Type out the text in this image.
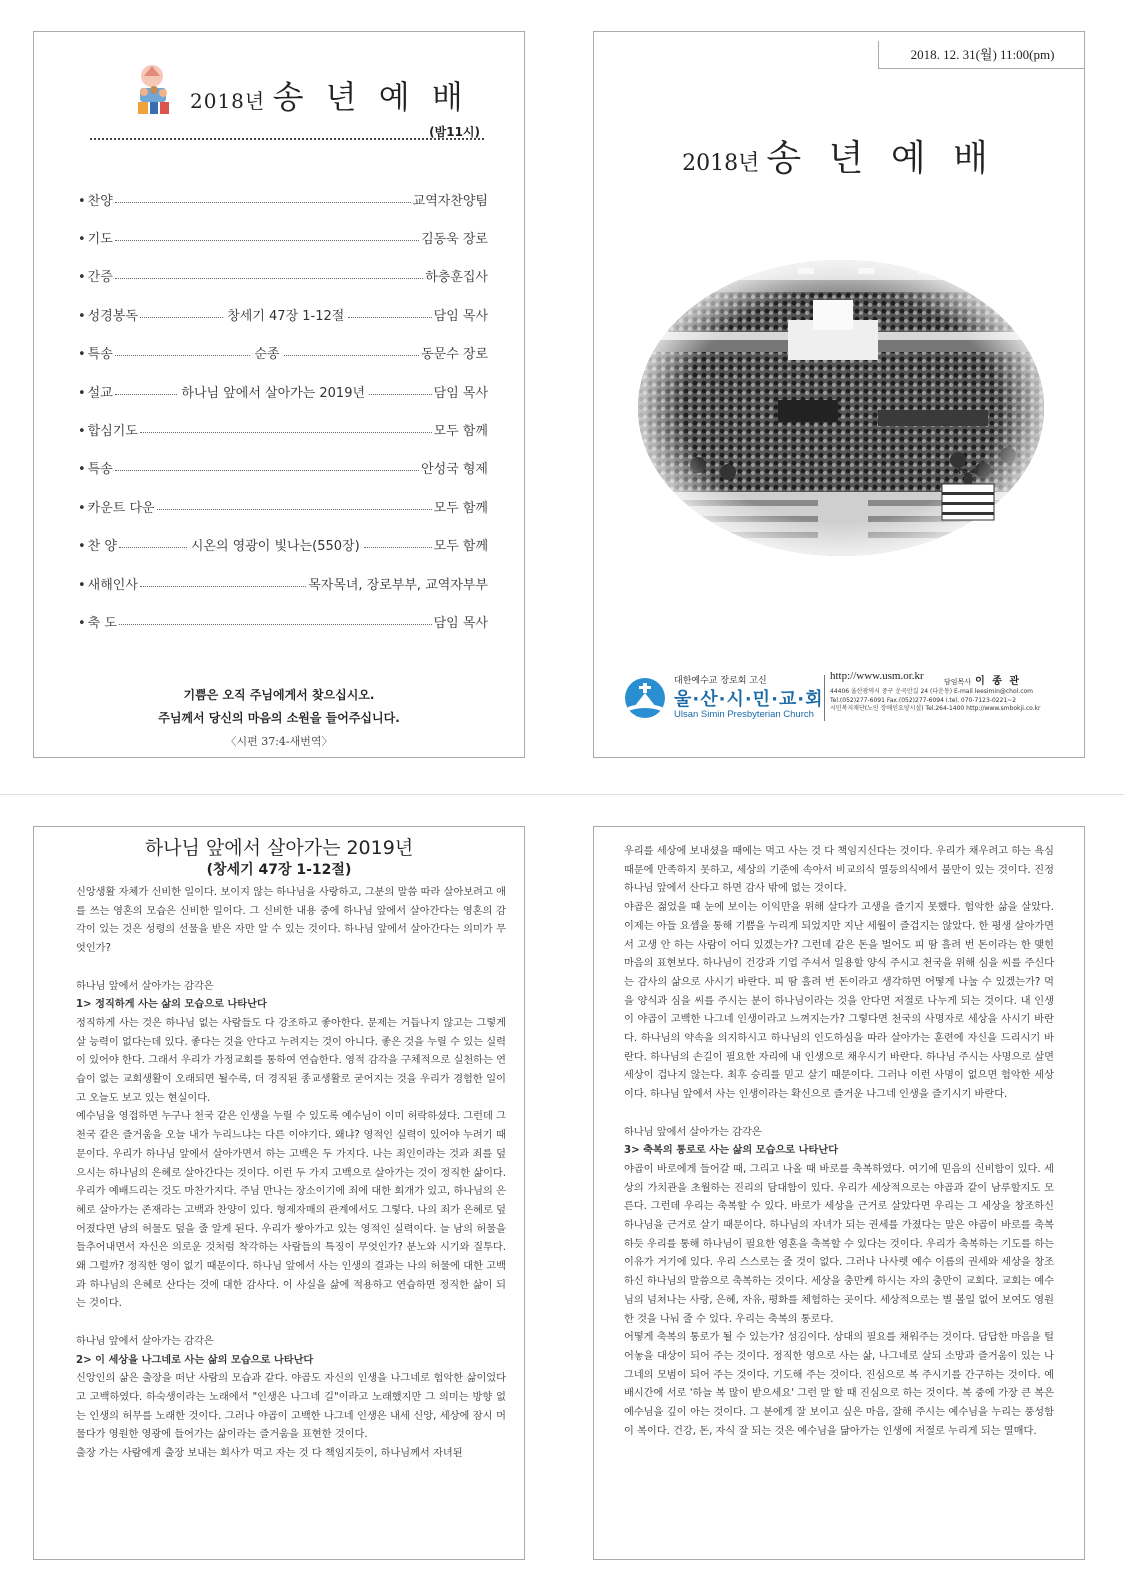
2018년 송 년 예 배
(밤11시)
• 찬양	교역자찬양팀
• 기도	김동욱 장로
• 간증	하충훈집사
• 성경봉독	창세기 47장 1-12절	담임 목사
• 특송	순종	동문수 장로
• 설교	하나님 앞에서 살아가는 2019년	담임 목사
• 합심기도	모두 함께
• 특송	안성국 형제
• 카운트 다운	모두 함께
• 찬 양	시온의 영광이 빛나는(550장)	모두 함께
• 새해인사	목자목녀, 장로부부, 교역자부부
• 축 도	담임 목사
기쁨은 오직 주님에게서 찾으십시오.
주님께서 당신의 마음의 소원을 들어주십니다.
〈시편 37:4-새번역〉
2018. 12. 31(월) 11:00(pm)
2018년 송 년 예 배
대한예수교 장로회 고신
울·산·시·민·교·회
Ulsan Simin Presbyterian Church
http://www.usm.or.kr	담임목사 이 종 관
44406 울산광역시 중구 운곡안길 24 (다운동) E-mail leesimin@chol.com
Tel.(052)277-6091 Fax.(052)277-6094 i.tel. 070-7123-0221~2
시민복지재단(노인 장애인요양시설) Tel.264-1400 http://www.smbokji.co.kr
하나님 앞에서 살아가는 2019년
(창세기 47장 1-12절)

신앙생활 자체가 신비한 일이다. 보이지 않는 하나님을 사랑하고, 그분의 말씀 따라 살아보려고 애를 쓰는 영혼의 모습은 신비한 일이다. 그 신비한 내용 중에 하나님 앞에서 살아간다는 영혼의 감각이 있는 것은 성령의 선물을 받은 자만 알 수 있는 것이다. 하나님 앞에서 살아간다는 의미가 무엇인가?

하나님 앞에서 살아가는 감각은

1> 정직하게 사는 삶의 모습으로 나타난다

정직하게 사는 것은 하나님 없는 사람들도 다 강조하고 좋아한다. 문제는 거듭나지 않고는 그렇게 살 능력이 없다는데 있다. 좋다는 것을 안다고 누려지는 것이 아니다. 좋은 것을 누릴 수 있는 실력이 있어야 한다. 그래서 우리가 가정교회를 통하여 연습한다. 영적 감각을 구체적으로 실천하는 연습이 없는 교회생활이 오래되면 될수록, 더 경직된 종교생활로 굳어지는 것을 우리가 경험한 일이고 오늘도 보고 있는 현실이다.

예수님을 영접하면 누구나 천국 같은 인생을 누릴 수 있도록 예수님이 이미 허락하셨다. 그런데 그 천국 같은 즐거움을 오늘 내가 누리느냐는 다른 이야기다. 왜냐? 영적인 실력이 있어야 누려기 때문이다. 우리가 하나님 앞에서 살아가면서 하는 고백은 두 가지다. 나는 죄인이라는 것과 죄를 덮으시는 하나님의 은혜로 살아간다는 것이다. 이런 두 가지 고백으로 살아가는 것이 정직한 삶이다. 우리가 예배드리는 것도 마찬가지다. 주님 만나는 장소이기에 죄에 대한 회개가 있고, 하나님의 은혜로 살아가는 존재라는 고백과 찬양이 있다. 형제자매의 관계에서도 그렇다. 나의 죄가 은혜로 덮어졌다면 남의 허물도 덮을 줄 알게 된다. 우리가 쌓아가고 있는 영적인 실력이다. 늘 남의 허물을 들추어내면서 자신은 의로운 것처럼 착각하는 사람들의 특징이 무엇인가? 분노와 시기와 질투다. 왜 그럴까? 정직한 영이 없기 때문이다. 하나님 앞에서 사는 인생의 결과는 나의 허물에 대한 고백과 하나님의 은혜로 산다는 것에 대한 감사다. 이 사실을 삶에 적용하고 연습하면 정직한 삶이 되는 것이다.

하나님 앞에서 살아가는 감각은

2> 이 세상을 나그네로 사는 삶의 모습으로 나타난다

신앙인의 삶은 출장을 떠난 사람의 모습과 같다. 야곱도 자신의 인생을 나그네로 험악한 삶이었다고 고백하였다. 하숙생이라는 노래에서 "인생은 나그네 길"이라고 노래했지만 그 의미는 방향 없는 인생의 허무를 노래한 것이다. 그러나 야곱이 고백한 나그네 인생은 내세 신앙, 세상에 잠시 머물다가 영원한 영광에 들어가는 삶이라는 즐거움을 표현한 것이다.

출장 가는 사람에게 출장 보내는 회사가 먹고 자는 것 다 책임지듯이, 하나님께서 자녀된

우리를 세상에 보내셨을 때에는 먹고 사는 것 다 책임지신다는 것이다. 우리가 채우려고 하는 욕심 때문에 만족하지 못하고, 세상의 기준에 속아서 비교의식 열등의식에서 불만이 있는 것이다. 진정 하나님 앞에서 산다고 하면 감사 밖에 없는 것이다.

야곱은 젊었을 때 눈에 보이는 이익만을 위해 살다가 고생을 즐기지 못했다. 험악한 삶을 살았다. 이제는 아들 요셉을 통해 기쁨을 누리게 되었지만 지난 세월이 즐겁지는 않았다. 한 평생 살아가면서 고생 안 하는 사람이 어디 있겠는가? 그런데 같은 돈을 벌어도 피 땀 흘려 번 돈이라는 한 맺힌 마음의 표현보다. 하나님이 건강과 기업 주셔서 일용할 양식 주시고 천국을 위해 심을 씨를 주신다는 감사의 삶으로 사시기 바란다. 피 땀 흘려 번 돈이라고 생각하면 어떻게 나눌 수 있겠는가? 먹을 양식과 심을 씨를 주시는 분이 하나님이라는 것을 안다면 저절로 나누게 되는 것이다. 내 인생이 야곱이 고백한 나그네 인생이라고 느껴지는가? 그렇다면 천국의 사명자로 세상을 사시기 바란다. 하나님의 약속을 의지하시고 하나님의 인도하심을 따라 살아가는 훈련에 자신을 드리시기 바란다. 하나님의 손길이 필요한 자리에 내 인생으로 채우시기 바란다. 하나님 주시는 사명으로 살면 세상이 겁나지 않는다. 최후 승리를 믿고 살기 때문이다. 그러나 이런 사명이 없으면 험악한 세상이다. 하나님 앞에서 사는 인생이라는 확신으로 즐거운 나그네 인생을 즐기시기 바란다.

하나님 앞에서 살아가는 감각은

3> 축복의 통로로 사는 삶의 모습으로 나타난다

야곱이 바로에게 들어갈 때, 그리고 나올 때 바로를 축복하였다. 여기에 믿음의 신비함이 있다. 세상의 가치관을 초월하는 진리의 담대함이 있다. 우리가 세상적으로는 야곱과 같이 남루할지도 모른다. 그런데 우리는 축복할 수 있다. 바로가 세상을 근거로 살았다면 우리는 그 세상을 창조하신 하나님을 근거로 살기 때문이다. 하나님의 자녀가 되는 권세를 가졌다는 말은 야곱이 바로를 축복하듯 우리를 통해 하나님이 필요한 영혼을 축복할 수 있다는 것이다. 우리가 축복하는 기도를 하는 이유가 거기에 있다. 우리 스스로는 줄 것이 없다. 그러나 나사렛 예수 이름의 권세와 세상을 창조하신 하나님의 말씀으로 축복하는 것이다. 세상을 충만케 하시는 자의 충만이 교회다. 교회는 예수님의 넘쳐나는 사랑, 은혜, 자유, 평화를 체험하는 곳이다. 세상적으로는 별 볼일 없어 보여도 영원한 것을 나눠 줄 수 있다. 우리는 축복의 통로다.

어떻게 축복의 통로가 될 수 있는가? 섬김이다. 상대의 필요를 채워주는 것이다. 답답한 마음을 털어놓을 대상이 되어 주는 것이다. 정직한 영으로 사는 삶, 나그네로 살되 소망과 즐거움이 있는 나그네의 모범이 되어 주는 것이다. 기도해 주는 것이다. 진심으로 복 주시기를 간구하는 것이다. 예배시간에 서로 '하늘 복 많이 받으세요' 그런 말 할 때 진심으로 하는 것이다. 복 중에 가장 큰 복은 예수님을 깊이 아는 것이다. 그 분에게 잘 보이고 싶은 마음, 잘해 주시는 예수님을 누리는 풍성함이 복이다. 건강, 돈, 자식 잘 되는 것은 예수님을 닮아가는 인생에 저절로 누리게 되는 열매다.
